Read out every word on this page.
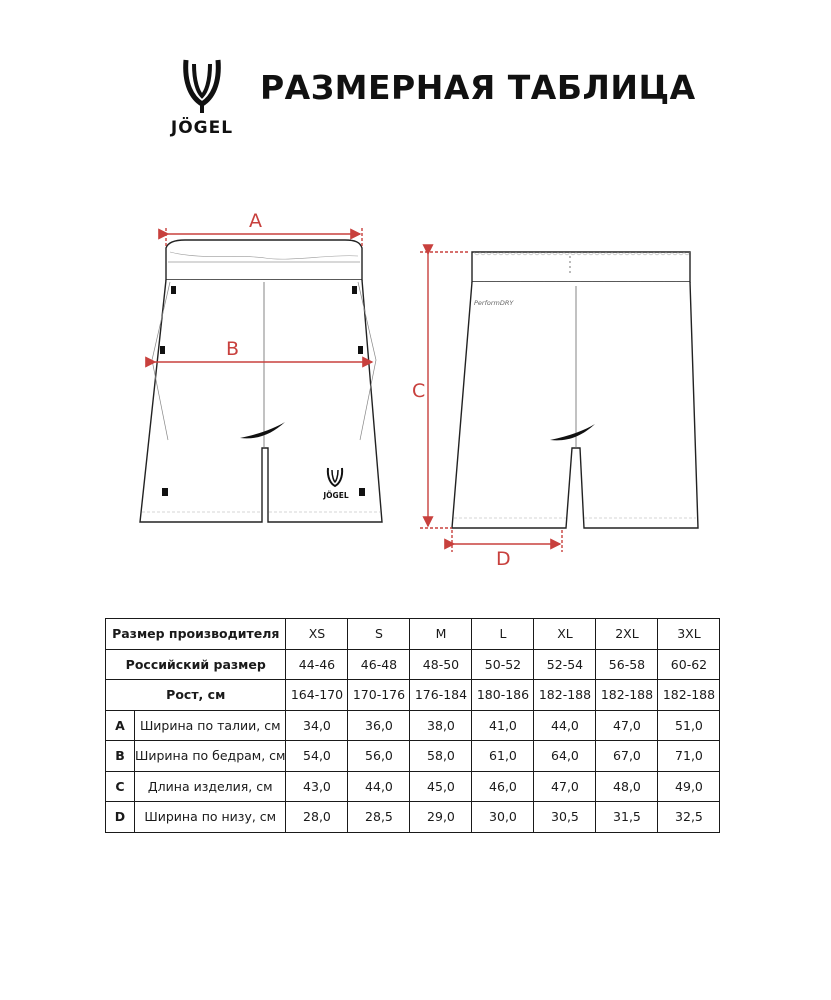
JÖGEL
РАЗМЕРНАЯ ТАБЛИЦА
PerformDRY
A
B
C
D
JÖGEL
Размер производителя		XS	S	M	L	XL	2XL	3XL
Российский размер		44-46	46-48	48-50	50-52	52-54	56-58	60-62
Рост, см		164-170	170-176	176-184	180-186	182-188	182-188	182-188
A	Ширина по талии, см	34,0	36,0	38,0	41,0	44,0	47,0	51,0
B	Ширина по бедрам, см	54,0	56,0	58,0	61,0	64,0	67,0	71,0
C	Длина изделия, см	43,0	44,0	45,0	46,0	47,0	48,0	49,0
D	Ширина по низу, см	28,0	28,5	29,0	30,0	30,5	31,5	32,5
